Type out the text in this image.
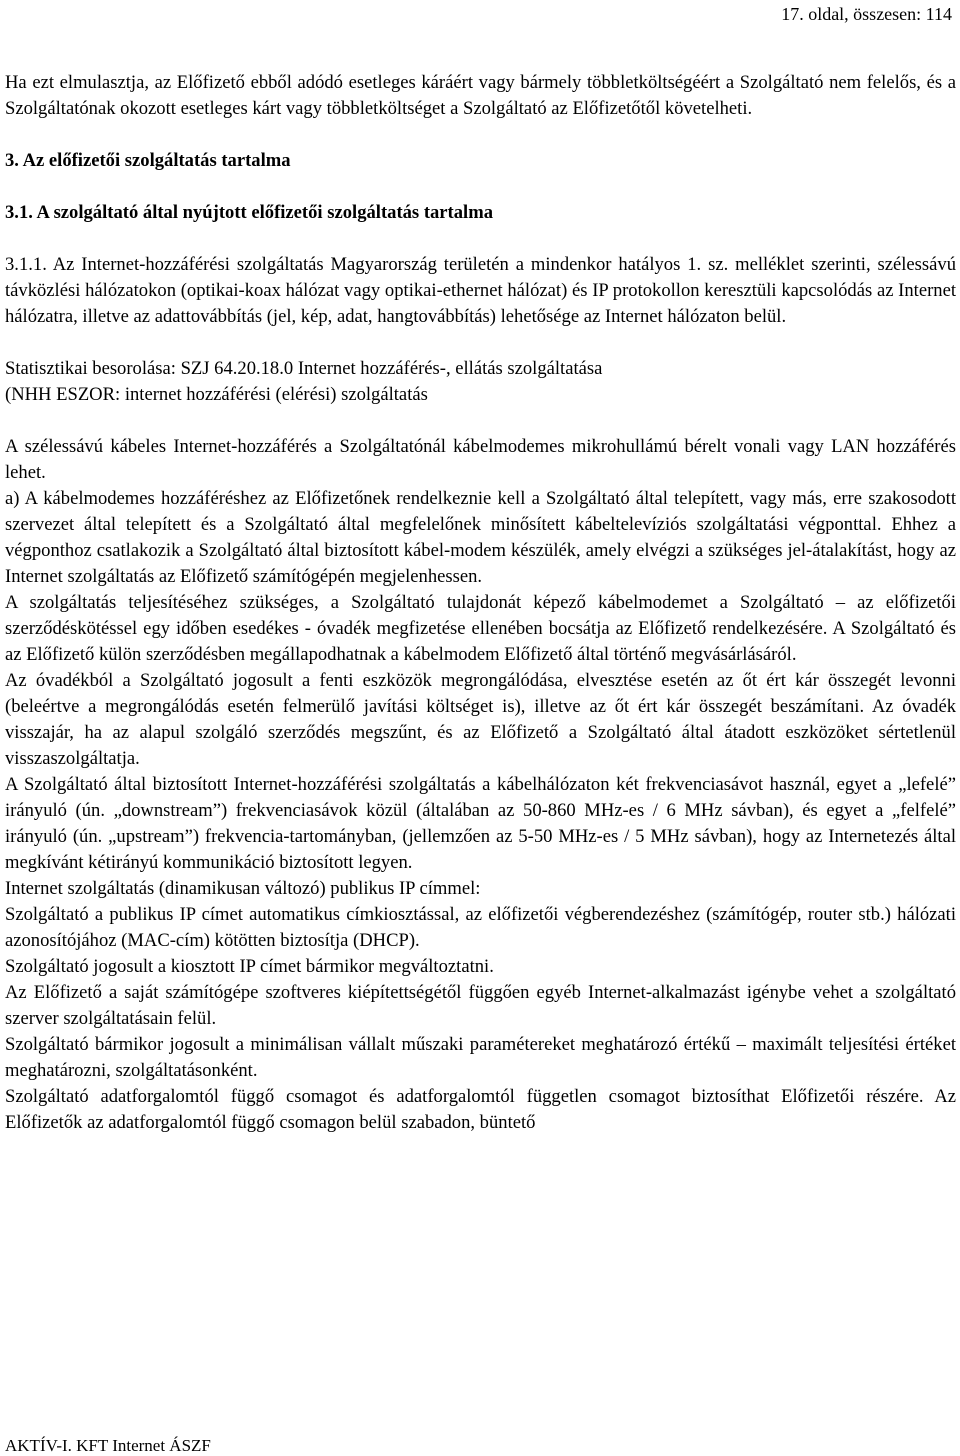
17. oldal, összesen: 114

Ha ezt elmulasztja, az Előfizető ebből adódó esetleges káráért vagy bármely többletköltségéért a Szolgáltató nem felelős, és a Szolgáltatónak okozott esetleges kárt vagy többletköltséget a Szolgáltató az Előfizetőtől követelheti.

3. Az előfizetői szolgáltatás tartalma
3.1. A szolgáltató által nyújtott előfizetői szolgáltatás tartalma

3.1.1. Az Internet-hozzáférési szolgáltatás Magyarország területén a mindenkor hatályos 1. sz. melléklet szerinti, szélessávú távközlési hálózatokon (optikai-koax hálózat vagy optikai-ethernet hálózat) és IP protokollon keresztüli kapcsolódás az Internet hálózatra, illetve az adattovábbítás (jel, kép, adat, hangtovábbítás) lehetősége az Internet hálózaton belül.

Statisztikai besorolása: SZJ 64.20.18.0 Internet hozzáférés-, ellátás szolgáltatása

(NHH ESZOR: internet hozzáférési (elérési) szolgáltatás

A szélessávú kábeles Internet-hozzáférés a Szolgáltatónál kábelmodemes mikrohullámú bérelt vonali vagy LAN hozzáférés lehet.

a) A kábelmodemes hozzáféréshez az Előfizetőnek rendelkeznie kell a Szolgáltató által telepített, vagy más, erre szakosodott szervezet által telepített és a Szolgáltató által megfelelőnek minősített kábeltelevíziós szolgáltatási végponttal. Ehhez a végponthoz csatlakozik a Szolgáltató által biztosított kábel-modem készülék, amely elvégzi a szükséges jel-átalakítást, hogy az Internet szolgáltatás az Előfizető számítógépén megjelenhessen.

A szolgáltatás teljesítéséhez szükséges, a Szolgáltató tulajdonát képező kábelmodemet a Szolgáltató – az előfizetői szerződéskötéssel egy időben esedékes - óvadék megfizetése ellenében bocsátja az Előfizető rendelkezésére. A Szolgáltató és az Előfizető külön szerződésben megállapodhatnak a kábelmodem Előfizető által történő megvásárlásáról.

Az óvadékból a Szolgáltató jogosult a fenti eszközök megrongálódása, elvesztése esetén az őt ért kár összegét levonni (beleértve a megrongálódás esetén felmerülő javítási költséget is), illetve az őt ért kár összegét beszámítani. Az óvadék visszajár, ha az alapul szolgáló szerződés megszűnt, és az Előfizető a Szolgáltató által átadott eszközöket sértetlenül visszaszolgáltatja.

A Szolgáltató által biztosított Internet-hozzáférési szolgáltatás a kábelhálózaton két frekvenciasávot használ, egyet a „lefelé” irányuló (ún. „downstream”) frekvenciasávok közül (általában az 50-860 MHz-es / 6 MHz sávban), és egyet a „felfelé” irányuló (ún. „upstream”) frekvencia-tartományban, (jellemzően az 5-50 MHz-es / 5 MHz sávban), hogy az Internetezés által megkívánt kétirányú kommunikáció biztosított legyen.

Internet szolgáltatás (dinamikusan változó) publikus IP címmel:

Szolgáltató a publikus IP címet automatikus címkiosztással, az előfizetői végberendezéshez (számítógép, router stb.) hálózati azonosítójához (MAC-cím) kötötten biztosítja (DHCP).

Szolgáltató jogosult a kiosztott IP címet bármikor megváltoztatni.

Az Előfizető a saját számítógépe szoftveres kiépítettségétől függően egyéb Internet-alkalmazást igénybe vehet a szolgáltató szerver szolgáltatásain felül.

Szolgáltató bármikor jogosult a minimálisan vállalt műszaki paramétereket meghatározó értékű – maximált teljesítési értéket meghatározni, szolgáltatásonként.

Szolgáltató adatforgalomtól függő csomagot és adatforgalomtól független csomagot biztosíthat Előfizetői részére. Az Előfizetők az adatforgalomtól függő csomagon belül szabadon, büntető

AKTÍV-I. KFT Internet ÁSZF
